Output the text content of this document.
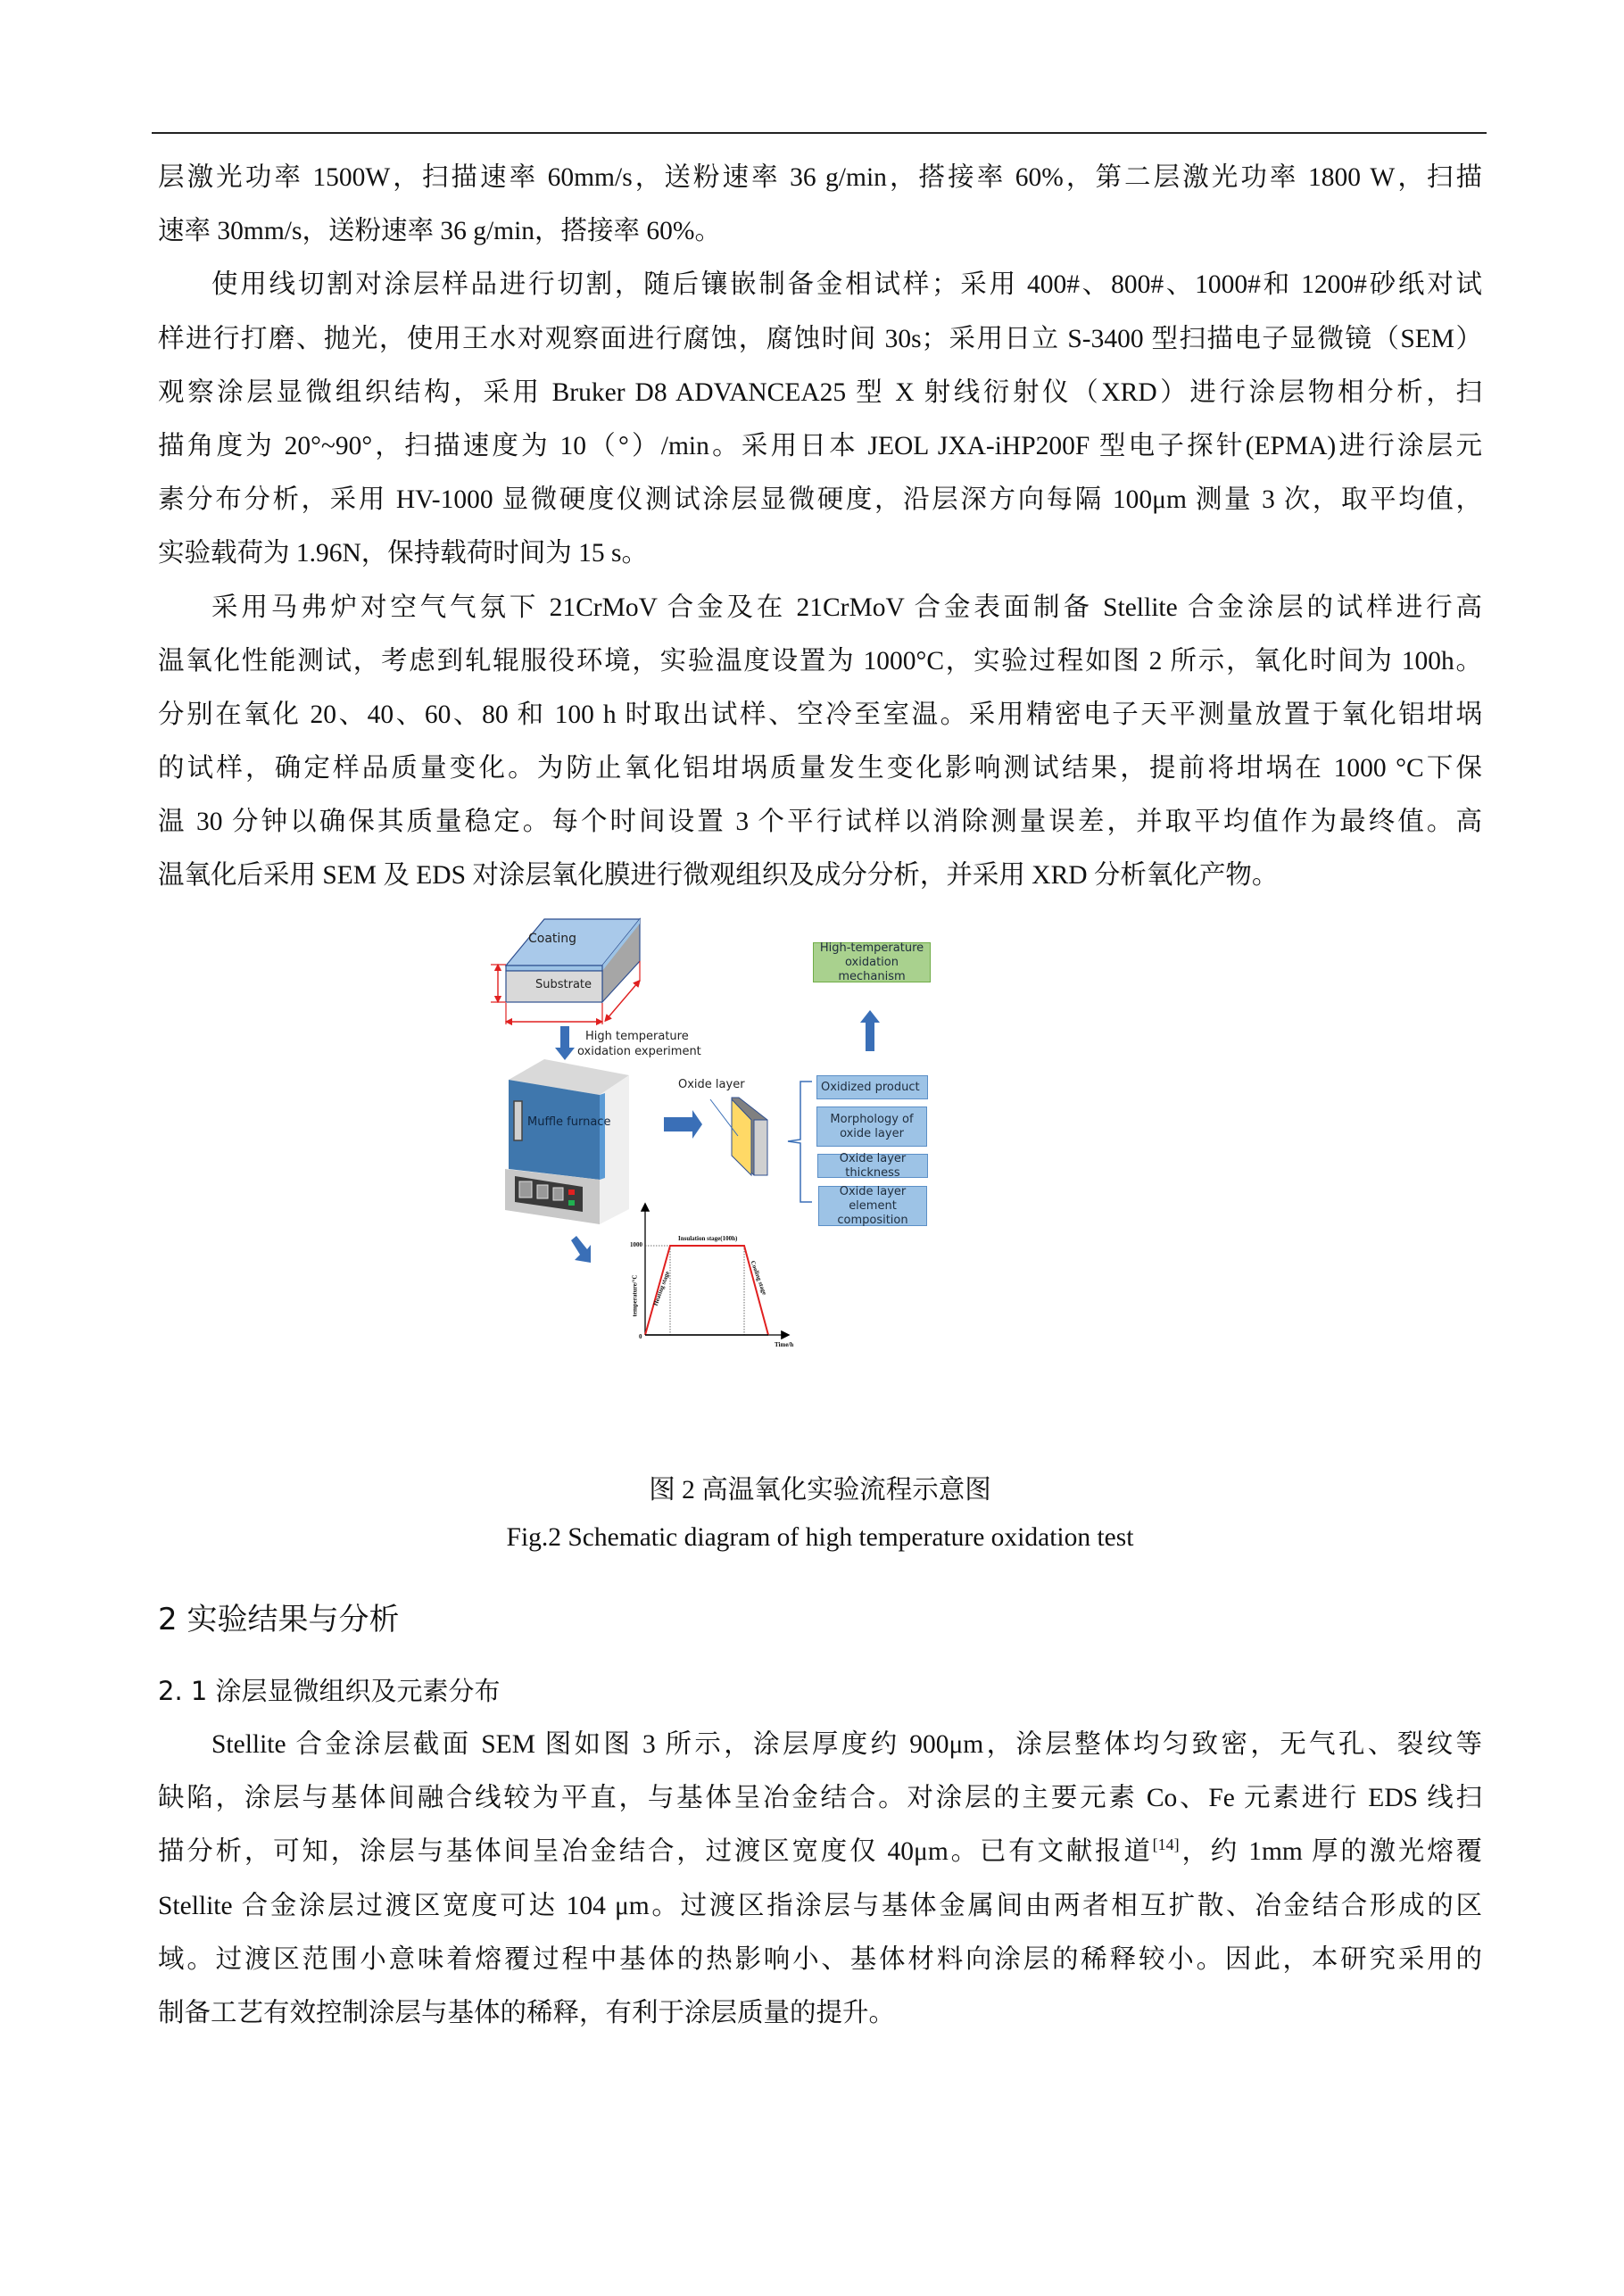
层激光功率 1500W，扫描速率 60mm/s，送粉速率 36 g/min，搭接率 60%，第二层激光功率 1800 W，扫描
速率 30mm/s，送粉速率 36 g/min，搭接率 60%。
使用线切割对涂层样品进行切割，随后镶嵌制备金相试样；采用 400#、800#、1000#和 1200#砂纸对试
样进行打磨、抛光，使用王水对观察面进行腐蚀，腐蚀时间 30s；采用日立 S-3400 型扫描电子显微镜（SEM）
观察涂层显微组织结构，采用 Bruker D8 ADVANCEA25 型 X 射线衍射仪（XRD）进行涂层物相分析，扫
描角度为 20°~90°，扫描速度为 10（°）/min。采用日本 JEOL JXA-iHP200F 型电子探针(EPMA)进行涂层元
素分布分析，采用 HV-1000 显微硬度仪测试涂层显微硬度，沿层深方向每隔 100μm 测量 3 次，取平均值，
实验载荷为 1.96N，保持载荷时间为 15 s。
采用马弗炉对空气气氛下 21CrMoV 合金及在 21CrMoV 合金表面制备 Stellite 合金涂层的试样进行高
温氧化性能测试，考虑到轧辊服役环境，实验温度设置为 1000°C，实验过程如图 2 所示，氧化时间为 100h。
分别在氧化 20、40、60、80 和 100 h 时取出试样、空冷至室温。采用精密电子天平测量放置于氧化铝坩埚
的试样，确定样品质量变化。为防止氧化铝坩埚质量发生变化影响测试结果，提前将坩埚在 1000 °C下保
温 30 分钟以确保其质量稳定。每个时间设置 3 个平行试样以消除测量误差，并取平均值作为最终值。高
温氧化后采用 SEM 及 EDS 对涂层氧化膜进行微观组织及成分分析，并采用 XRD 分析氧化产物。
Coating
Substrate
High temperature
oxidation experiment
Muffle furnace
Oxide layer
High-temperature
oxidation mechanism
Oxidized product
Morphology of oxide layer
Oxide layer thickness
Oxide layer element composition
1000
0
Insulation stage(100h)
Heating stage	Cooling stage
temperature/°C
Time/h
图 2 高温氧化实验流程示意图
Fig.2 Schematic diagram of high temperature oxidation test
2 实验结果与分析
2. 1 涂层显微组织及元素分布
Stellite 合金涂层截面 SEM 图如图 3 所示，涂层厚度约 900μm，涂层整体均匀致密，无气孔、裂纹等
缺陷，涂层与基体间融合线较为平直，与基体呈冶金结合。对涂层的主要元素 Co、Fe 元素进行 EDS 线扫
描分析，可知，涂层与基体间呈冶金结合，过渡区宽度仅 40μm。已有文献报道[14]，约 1mm 厚的激光熔覆
Stellite 合金涂层过渡区宽度可达 104 μm。过渡区指涂层与基体金属间由两者相互扩散、冶金结合形成的区
域。过渡区范围小意味着熔覆过程中基体的热影响小、基体材料向涂层的稀释较小。因此，本研究采用的
制备工艺有效控制涂层与基体的稀释，有利于涂层质量的提升。
